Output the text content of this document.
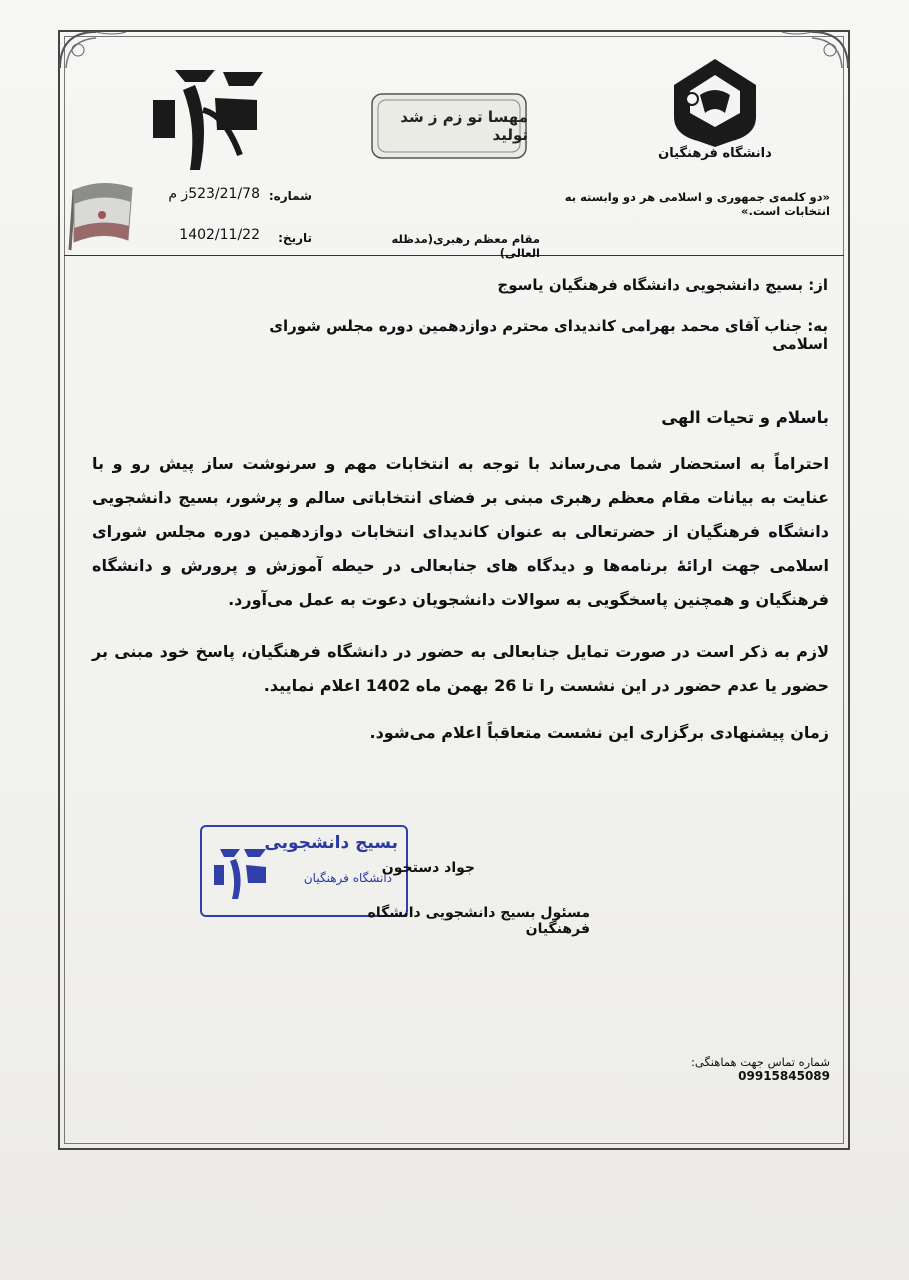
دانشگاه فرهنگیان
مهسا تو زم ز شد تولید
«دو کلمه‌ی جمهوری و اسلامی هر دو وابسته به انتخابات است.»
مقام معظم رهبری(مدظله العالی)
شماره:
523/21/78ز م
تاریخ:
1402/11/22
از: بسیج دانشجویی دانشگاه فرهنگیان یاسوج
به: جناب آقای محمد بهرامی کاندیدای محترم دوازدهمین دوره مجلس شورای اسلامی
باسلام و تحیات الهی
احتراماً به استحضار شما می‌رساند با توجه به انتخابات مهم و سرنوشت ساز پیش رو و با عنایت به بیانات مقام معظم رهبری مبنی بر فضای انتخاباتی سالم و پرشور، بسیج دانشجویی دانشگاه فرهنگیان از حضرتعالی به عنوان کاندیدای انتخابات دوازدهمین دوره مجلس شورای اسلامی جهت ارائهٔ برنامه‌ها و دیدگاه های جنابعالی در حیطه آموزش و پرورش و دانشگاه فرهنگیان و همچنین پاسخگویی به سوالات دانشجویان دعوت به عمل می‌آورد.
لازم به ذکر است در صورت تمایل جنابعالی به حضور در دانشگاه فرهنگیان، پاسخ خود مبنی بر حضور یا عدم حضور در این نشست را تا 26 بهمن ماه 1402 اعلام نمایید.
زمان پیشنهادی برگزاری این نشست متعاقباً اعلام می‌شود.
بسیج دانشجویی
دانشگاه فرهنگیان
جواد دستخون
مسئول بسیج دانشجویی دانشگاه فرهنگیان
شماره تماس جهت هماهنگی: 09915845089
